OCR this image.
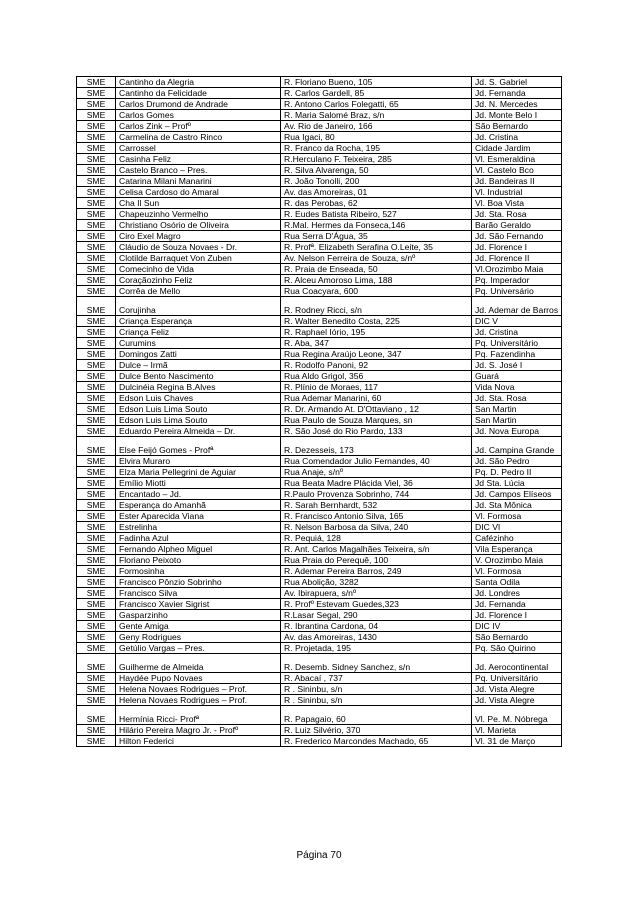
SME	Cantinho da Alegria	R. Floriano Bueno, 105	Jd. S. Gabriel
SME	Cantinho da Felicidade	R. Carlos Gardell, 85	Jd. Fernanda
SME	Carlos Drumond de Andrade	R. Antono Carlos Folegatti, 65	Jd. N. Mercedes
SME	Carlos Gomes	R. Maria Salomé Braz, s/n	Jd. Monte Belo I
SME	Carlos Zink – Profº	Av. Rio de Janeiro, 166	São Bernardo
SME	Carmelina de Castro Rinco	Rua Igaci, 80	Jd. Cristina
SME	Carrossel	R. Franco da Rocha, 195	Cidade Jardim
SME	Casinha Feliz	R.Herculano F. Teixeira, 285	Vl. Esmeraldina
SME	Castelo Branco – Pres.	R. Silva Alvarenga, 50	Vl. Castelo Bco
SME	Catarina Milani Manarini	R. João Tonolli, 200	Jd. Bandeiras II
SME	Celisa Cardoso do Amaral	Av. das Amoreiras, 01	Vl. Industrial
SME	Cha Il Sun	R. das Perobas, 62	Vl. Boa Vista
SME	Chapeuzinho Vermelho	R. Eudes Batista Ribeiro, 527	Jd. Sta. Rosa
SME	Christiano Osório de Oliveira	R.Mal. Hermes da Fonseca,146	Barão Geraldo
SME	Ciro Exel Magro	Rua Serra D'Água, 35	Jd. São Fernando
SME	Cláudio de Souza Novaes - Dr.	R. Profª. Elizabeth Serafina O.Leite, 35	Jd. Florence I
SME	Clotilde Barraquet Von Zuben	Av. Nelson Ferreira de Souza, s/nº	Jd. Florence II
SME	Comecinho de Vida	R. Praia de Enseada, 50	Vl.Orozimbo Maia
SME	Coraçãozinho Feliz	R. Alceu Amoroso Lima, 188	Pq. Imperador
SME	Corrêa de Mello	Rua Coacyara, 600	Pq. Universário
SME	Corujinha	R. Rodney Ricci, s/n	Jd. Ademar de Barros
SME	Criança Esperança	R. Walter Benedito Costa, 225	DIC V
SME	Criança Feliz	R. Raphael Iório, 195	Jd. Cristina
SME	Curumins	R. Aba, 347	Pq. Universitário
SME	Domingos Zatti	Rua Regina Araújo Leone, 347	Pq. Fazendinha
SME	Dulce – Irmã	R. Rodolfo Panoni, 92	Jd. S. José I
SME	Dulce Bento Nascimento	Rua Aldo Grigol, 356	Guará
SME	Dulcinéia Regina B.Alves	R. Plínio de Moraes, 117	Vida Nova
SME	Edson Luis Chaves	Rua Ademar Manarini, 60	Jd. Sta. Rosa
SME	Edson Luis Lima Souto	R. Dr. Armando At. D'Ottaviano , 12	San Martin
SME	Edson Luis Lima Souto	Rua Paulo de Souza Marques, sn	San Martin
SME	Eduardo Pereira Almeida – Dr.	R. São José do Rio Pardo, 133	Jd. Nova Europa
SME	Else Feijó Gomes - Profª	R. Dezesseis, 173	Jd. Campina Grande
SME	Elvira Muraro	Rua Comendador Julio Fernandes, 40	Jd. São Pedro
SME	Elza Maria Pellegrini de Aguiar	Rua Anaje, s/nº	Pq. D. Pedro II
SME	Emílio Miotti	Rua Beata Madre Plácida Viel, 36	Jd Sta. Lúcia
SME	Encantado – Jd.	R.Paulo Provenza Sobrinho, 744	Jd. Campos Elíseos
SME	Esperança do Amanhã	R. Sarah Bernhardt, 532	Jd. Sta Mônica
SME	Ester Aparecida Viana	R. Francisco Antonio Silva, 165	Vl. Formosa
SME	Estrelinha	R. Nelson Barbosa da Silva, 240	DIC VI
SME	Fadinha Azul	R. Pequiá, 128	Cafézinho
SME	Fernando Alpheo Miguel	R. Ant. Carlos Magalhães Teixeira, s/n	Vila Esperança
SME	Floriano Peixoto	Rua Praia do Perequê, 100	V. Orozimbo Maia
SME	Formosinha	R. Ademar Pereira Barros, 249	Vl. Formosa
SME	Francisco Pônzio Sobrinho	Rua Abolição, 3282	Santa Odila
SME	Francisco Silva	Av. Ibirapuera, s/nº	Jd. Londres
SME	Francisco Xavier Sigrist	R. Profº Estevam Guedes,323	Jd. Fernanda
SME	Gasparzinho	R.Lasar Segal, 290	Jd. Florence I
SME	Gente Amiga	R. Ibrantina Cardona, 04	DIC IV
SME	Geny Rodrigues	Av. das Amoreiras, 1430	São Bernardo
SME	Getúlio Vargas – Pres.	R. Projetada, 195	Pq. São Quirino
SME	Guilherme de Almeida	R. Desemb. Sidney Sanchez, s/n	Jd. Aerocontinental
SME	Haydée Pupo Novaes	R. Abacaí , 737	Pq. Universitário
SME	Helena Novaes Rodrigues – Prof.	R . Sininbu, s/n	Jd. Vista Alegre
SME	Helena Novaes Rodrigues – Prof.	R . Sininbu, s/n	Jd. Vista Alegre
SME	Hermínia Ricci- Profª	R. Papagaio, 60	Vl. Pe. M. Nóbrega
SME	Hilário Pereira Magro Jr. - Profº	R. Luiz Silvério, 370	Vl. Marieta
SME	Hilton Federici	R. Frederico Marcondes Machado, 65	Vl. 31 de Março
Página 70
